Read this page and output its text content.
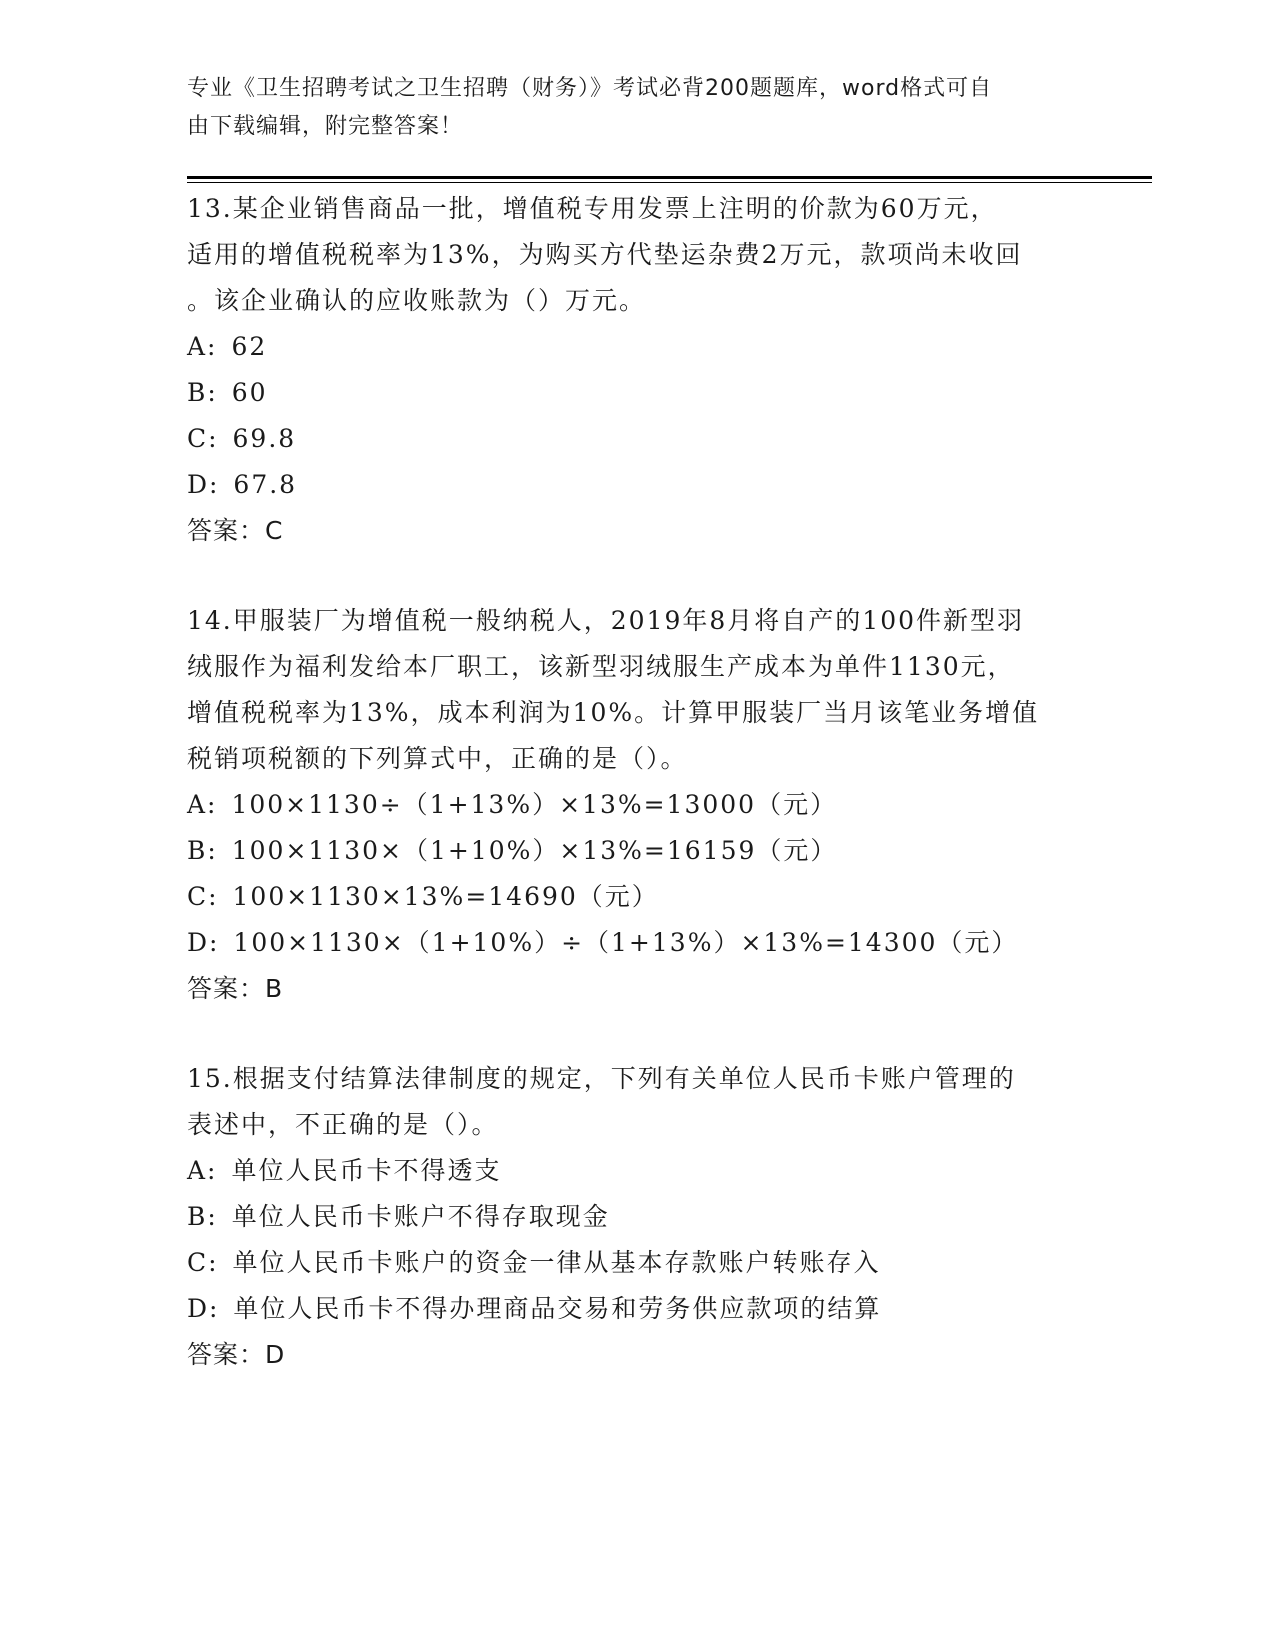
专业《卫生招聘考试之卫生招聘（财务）》考试必背200题题库，word格式可自
由下载编辑，附完整答案！

13.某企业销售商品一批，增值税专用发票上注明的价款为60万元，

适用的增值税税率为13%，为购买方代垫运杂费2万元，款项尚未收回

。该企业确认的应收账款为（）万元。

A: 62

B: 60

C: 69.8

D: 67.8

答案：C

14.甲服装厂为增值税一般纳税人，2019年8月将自产的100件新型羽

绒服作为福利发给本厂职工，该新型羽绒服生产成本为单件1130元，

增值税税率为13%，成本利润为10%。计算甲服装厂当月该笔业务增值

税销项税额的下列算式中，正确的是（）。

A: 100×1130÷（1+13%）×13%=13000（元）

B: 100×1130×（1+10%）×13%=16159（元）

C: 100×1130×13%=14690（元）

D: 100×1130×（1+10%）÷（1+13%）×13%=14300（元）

答案：B

15.根据支付结算法律制度的规定，下列有关单位人民币卡账户管理的

表述中，不正确的是（）。

A: 单位人民币卡不得透支

B: 单位人民币卡账户不得存取现金

C: 单位人民币卡账户的资金一律从基本存款账户转账存入

D: 单位人民币卡不得办理商品交易和劳务供应款项的结算

答案：D
